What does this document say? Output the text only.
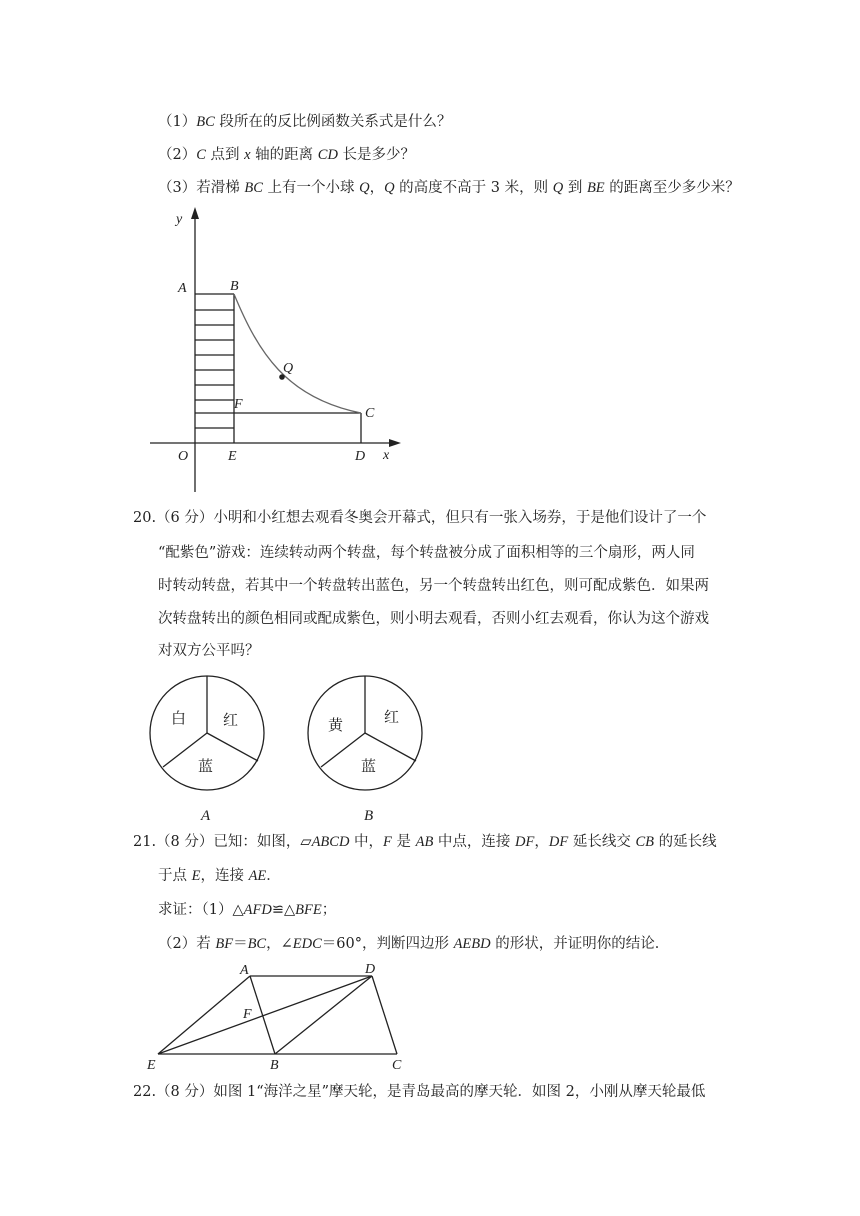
（1）BC 段所在的反比例函数关系式是什么？
（2）C 点到 x 轴的距离 CD 长是多少？
（3）若滑梯 BC 上有一个小球 Q，Q 的高度不高于 3 米，则 Q 到 BE 的距离至少多少米？
y
x
A	B
O	E
F
Q
C
D
20.（6 分）小明和小红想去观看冬奥会开幕式，但只有一张入场券，于是他们设计了一个
“配紫色”游戏：连续转动两个转盘，每个转盘被分成了面积相等的三个扇形，两人同
时转动转盘，若其中一个转盘转出蓝色，另一个转盘转出红色，则可配成紫色．如果两
次转盘转出的颜色相同或配成紫色，则小明去观看，否则小红去观看，你认为这个游戏
对双方公平吗？
白 红
蓝
黄	红
蓝
A	B
21.（8 分）已知：如图，▱ABCD 中，F 是 AB 中点，连接 DF，DF 延长线交 CB 的延长线
于点 E，连接 AE．
求证：（1）△AFD≌△BFE；
（2）若 BF＝BC，∠EDC＝60°，判断四边形 AEBD 的形状，并证明你的结论．
A	D
F
E	B	C
22.（8 分）如图 1“海洋之星”摩天轮，是青岛最高的摩天轮．如图 2，小刚从摩天轮最低
